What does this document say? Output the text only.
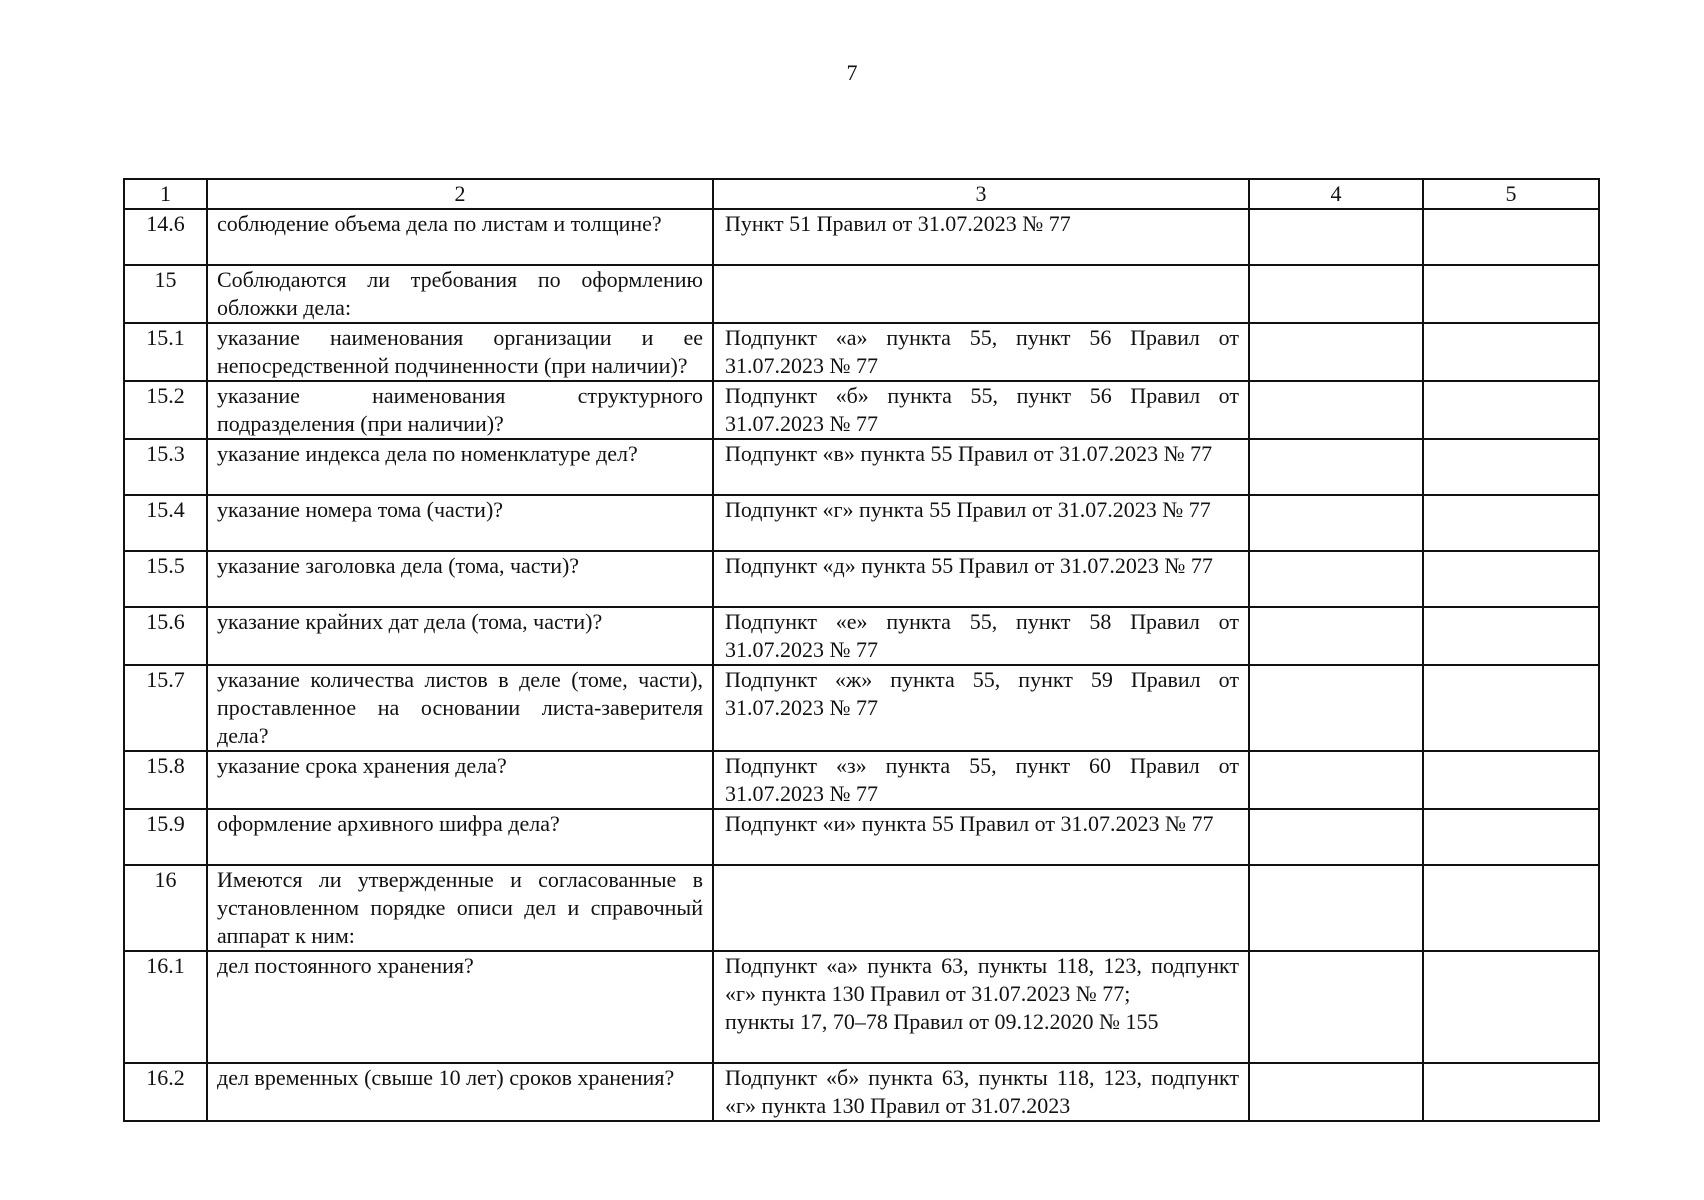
7
1	2	3	4	5
14.6	соблюдение объема дела по листам и толщине?	Пункт 51 Правил от 31.07.2023 № 77		

15	Соблюдаются ли требования по оформлению обложки дела:	

15.1	указание наименования организации и ее непосредственной подчиненности (при наличии)?	Подпункт «а» пункта 55, пункт 56 Правил от 31.07.2023 № 77		

15.2	указание наименования структурного подразделения (при наличии)?	Подпункт «б» пункта 55, пункт 56 Правил от 31.07.2023 № 77		

15.3	указание индекса дела по номенклатуре дел?	Подпункт «в» пункта 55 Правил от 31.07.2023 № 77		

15.4	указание номера тома (части)?	Подпункт «г» пункта 55 Правил от 31.07.2023 № 77		

15.5	указание заголовка дела (тома, части)?	Подпункт «д» пункта 55 Правил от 31.07.2023 № 77		

15.6	указание крайних дат дела (тома, части)?	Подпункт «е» пункта 55, пункт 58 Правил от 31.07.2023 № 77		

15.7	указание количества листов в деле (томе, части), проставленное на основании листа-заверителя дела?	Подпункт «ж» пункта 55, пункт 59 Правил от 31.07.2023 № 77		

15.8	указание срока хранения дела?	Подпункт «з» пункта 55, пункт 60 Правил от 31.07.2023 № 77		

15.9	оформление архивного шифра дела?	Подпункт «и» пункта 55 Правил от 31.07.2023 № 77		

16	Имеются ли утвержденные и согласованные в установленном порядке описи дел и справочный аппарат к ним:	

16.1	дел постоянного хранения?	Подпункт «а» пункта 63, пункты 118, 123, подпункт «г» пункта 130 Правил от 31.07.2023 № 77;
пункты 17, 70–78 Правил от 09.12.2020 № 155		

16.2	дел временных (свыше 10 лет) сроков хранения?	Подпункт «б» пункта 63, пункты 118, 123, подпункт «г» пункта 130 Правил от 31.07.2023		
